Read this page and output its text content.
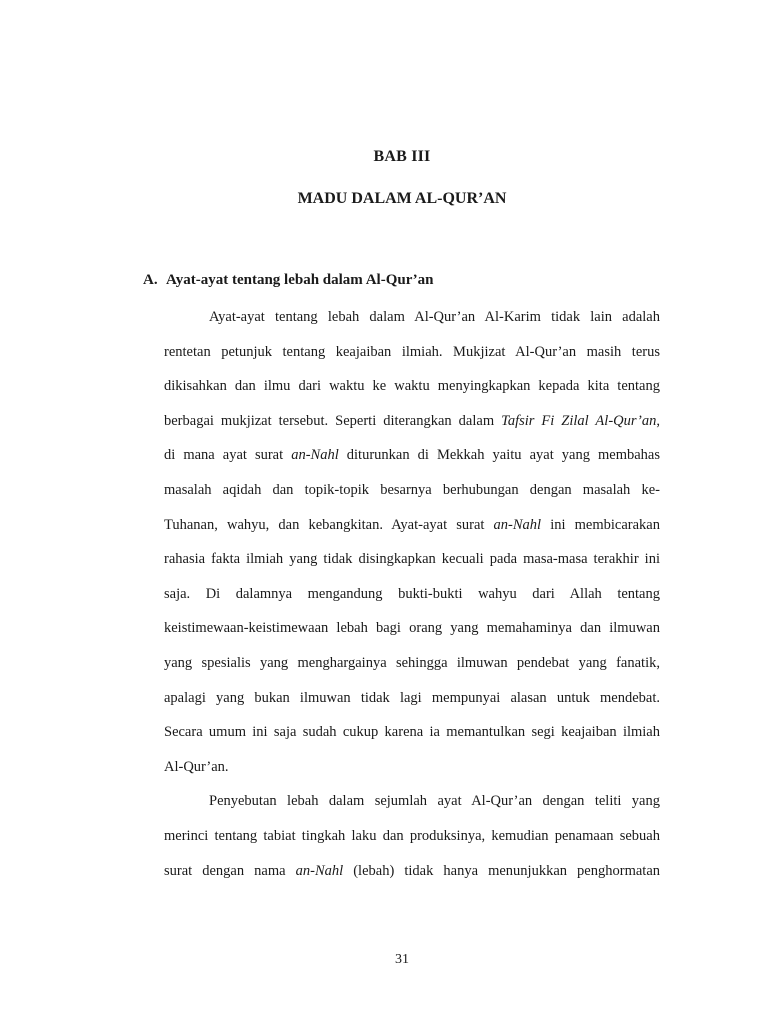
BAB III
MADU DALAM AL-QUR’AN
A. Ayat-ayat tentang lebah dalam Al-Qur’an
Ayat-ayat tentang lebah dalam Al-Qur’an Al-Karim tidak lain adalah
rentetan petunjuk tentang keajaiban ilmiah. Mukjizat Al-Qur’an masih terus
dikisahkan dan ilmu dari waktu ke waktu menyingkapkan kepada kita tentang
berbagai mukjizat tersebut. Seperti diterangkan dalam Tafsir Fi Zilal Al-Qur’an,
di mana ayat surat an-Nahl diturunkan di Mekkah yaitu ayat yang membahas
masalah aqidah dan topik-topik besarnya berhubungan dengan masalah ke-
Tuhanan, wahyu, dan kebangkitan. Ayat-ayat surat an-Nahl ini membicarakan
rahasia fakta ilmiah yang tidak disingkapkan kecuali pada masa-masa terakhir ini
saja. Di dalamnya mengandung bukti-bukti wahyu dari Allah tentang
keistimewaan-keistimewaan lebah bagi orang yang memahaminya dan ilmuwan
yang spesialis yang menghargainya sehingga ilmuwan pendebat yang fanatik,
apalagi yang bukan ilmuwan tidak lagi mempunyai alasan untuk mendebat.
Secara umum ini saja sudah cukup karena ia memantulkan segi keajaiban ilmiah
Al-Qur’an.
Penyebutan lebah dalam sejumlah ayat Al-Qur’an dengan teliti yang
merinci tentang tabiat tingkah laku dan produksinya, kemudian penamaan sebuah
surat dengan nama an-Nahl (lebah) tidak hanya menunjukkan penghormatan
31
